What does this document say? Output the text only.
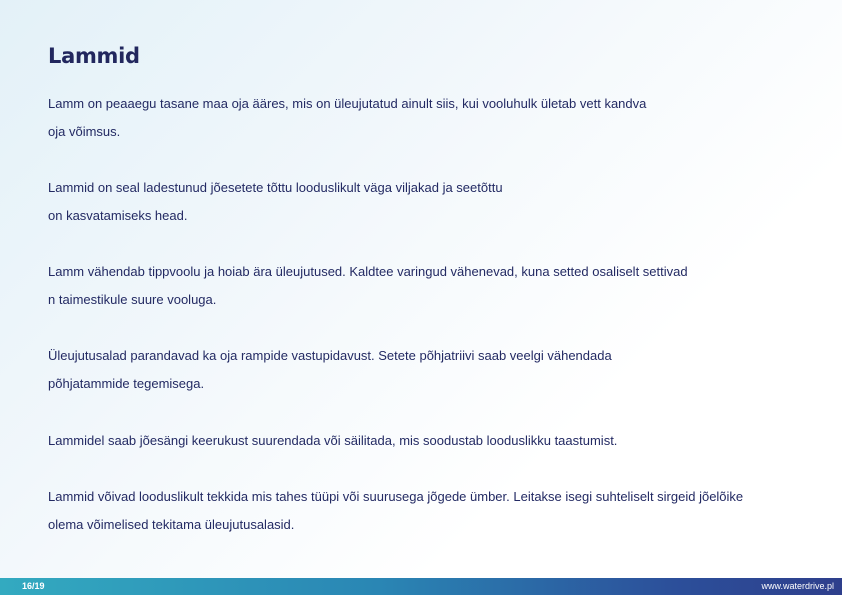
Lammid

Lamm on peaaegu tasane maa oja ääres, mis on üleujutatud ainult siis, kui vooluhulk ületab vett kandva
oja võimsus.

Lammid on seal ladestunud jõesetete tõttu looduslikult väga viljakad ja seetõttu
on kasvatamiseks head.

Lamm vähendab tippvoolu ja hoiab ära üleujutused. Kaldtee varingud vähenevad, kuna setted osaliselt settivad
n taimestikule suure vooluga.

Üleujutusalad parandavad ka oja rampide vastupidavust. Setete põhjatriivi saab veelgi vähendada
põhjatammide tegemisega.

Lammidel saab jõesängi keerukust suurendada või säilitada, mis soodustab looduslikku taastumist.

Lammid võivad looduslikult tekkida mis tahes tüüpi või suurusega jõgede ümber. Leitakse isegi suhteliselt sirgeid jõelõike
olema võimelised tekitama üleujutusalasid.

16/19	www.waterdrive.pl
